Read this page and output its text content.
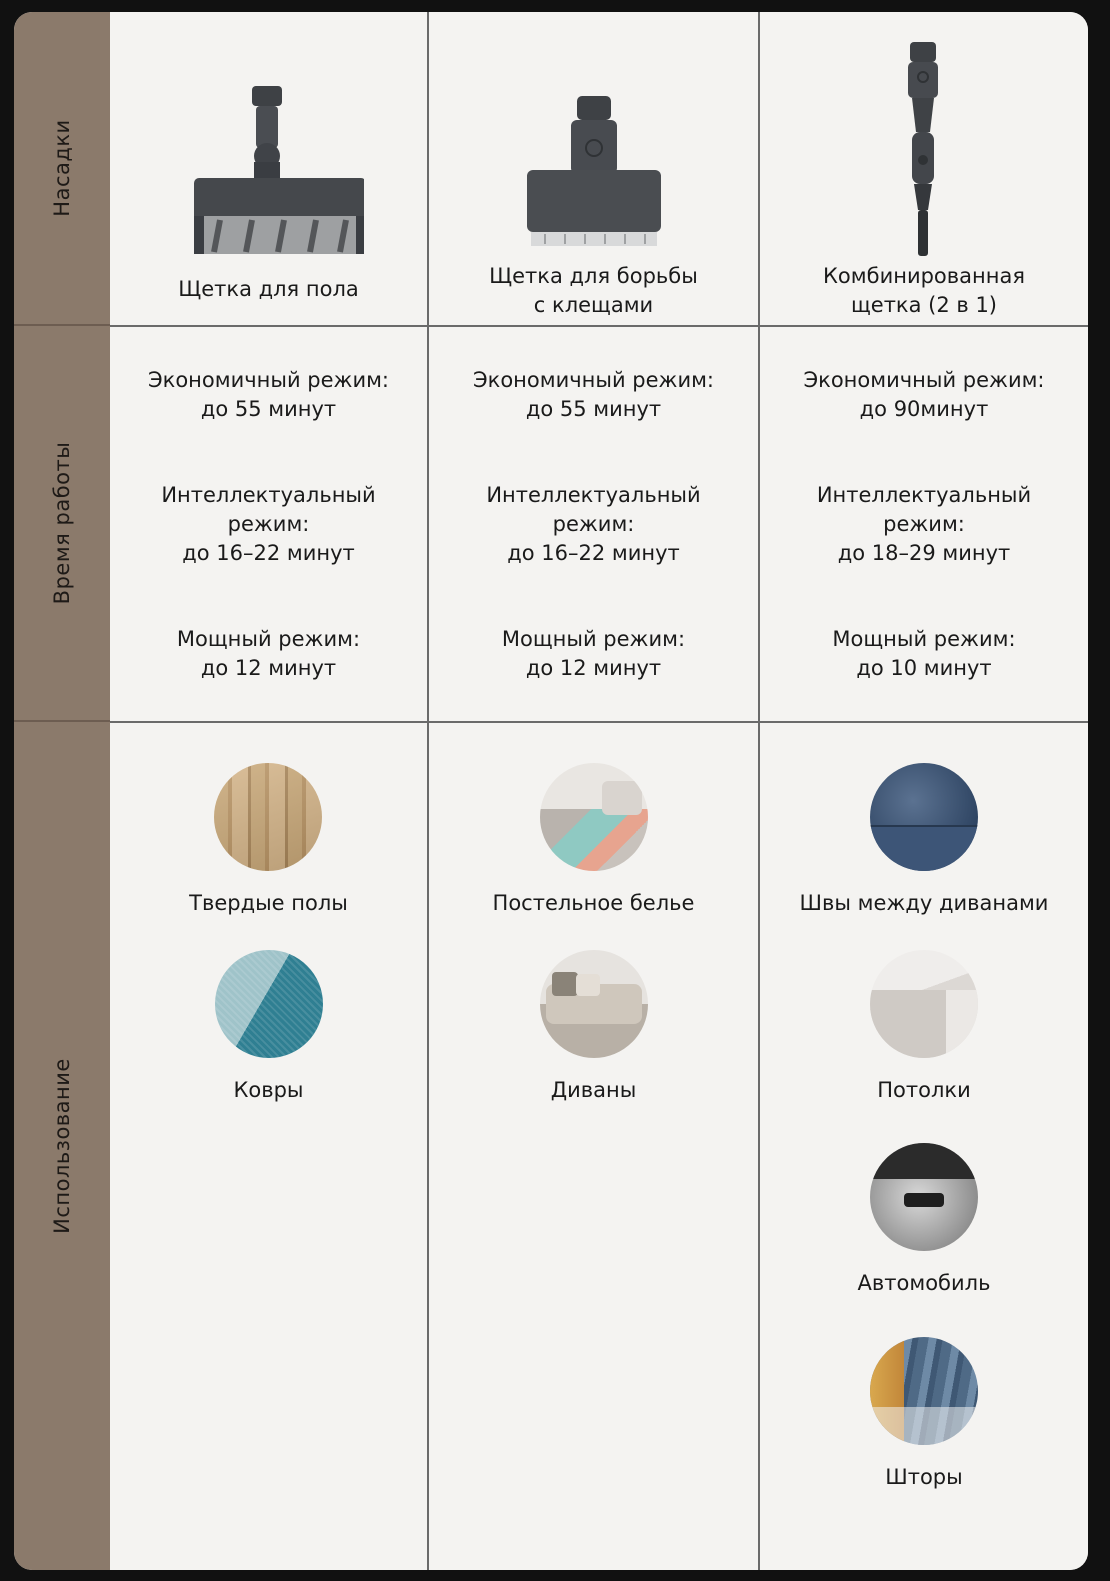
Насадки
Время работы
Использование
Щетка для пола
Щетка для борьбы
с клещами
Комбинированная
щетка (2 в 1)

Экономичный режим:
до 55 минут

Интеллектуальный
режим:
до 16–22 минут

Мощный режим:
до 12 минут

Экономичный режим:
до 55 минут

Интеллектуальный
режим:
до 16–22 минут

Мощный режим:
до 12 минут

Экономичный режим:
до 90минут

Интеллектуальный
режим:
до 18–29 минут

Мощный режим:
до 10 минут

Твердые полы
Ковры
Постельное белье
Диваны
Швы между диванами
Потолки
Автомобиль
Шторы
